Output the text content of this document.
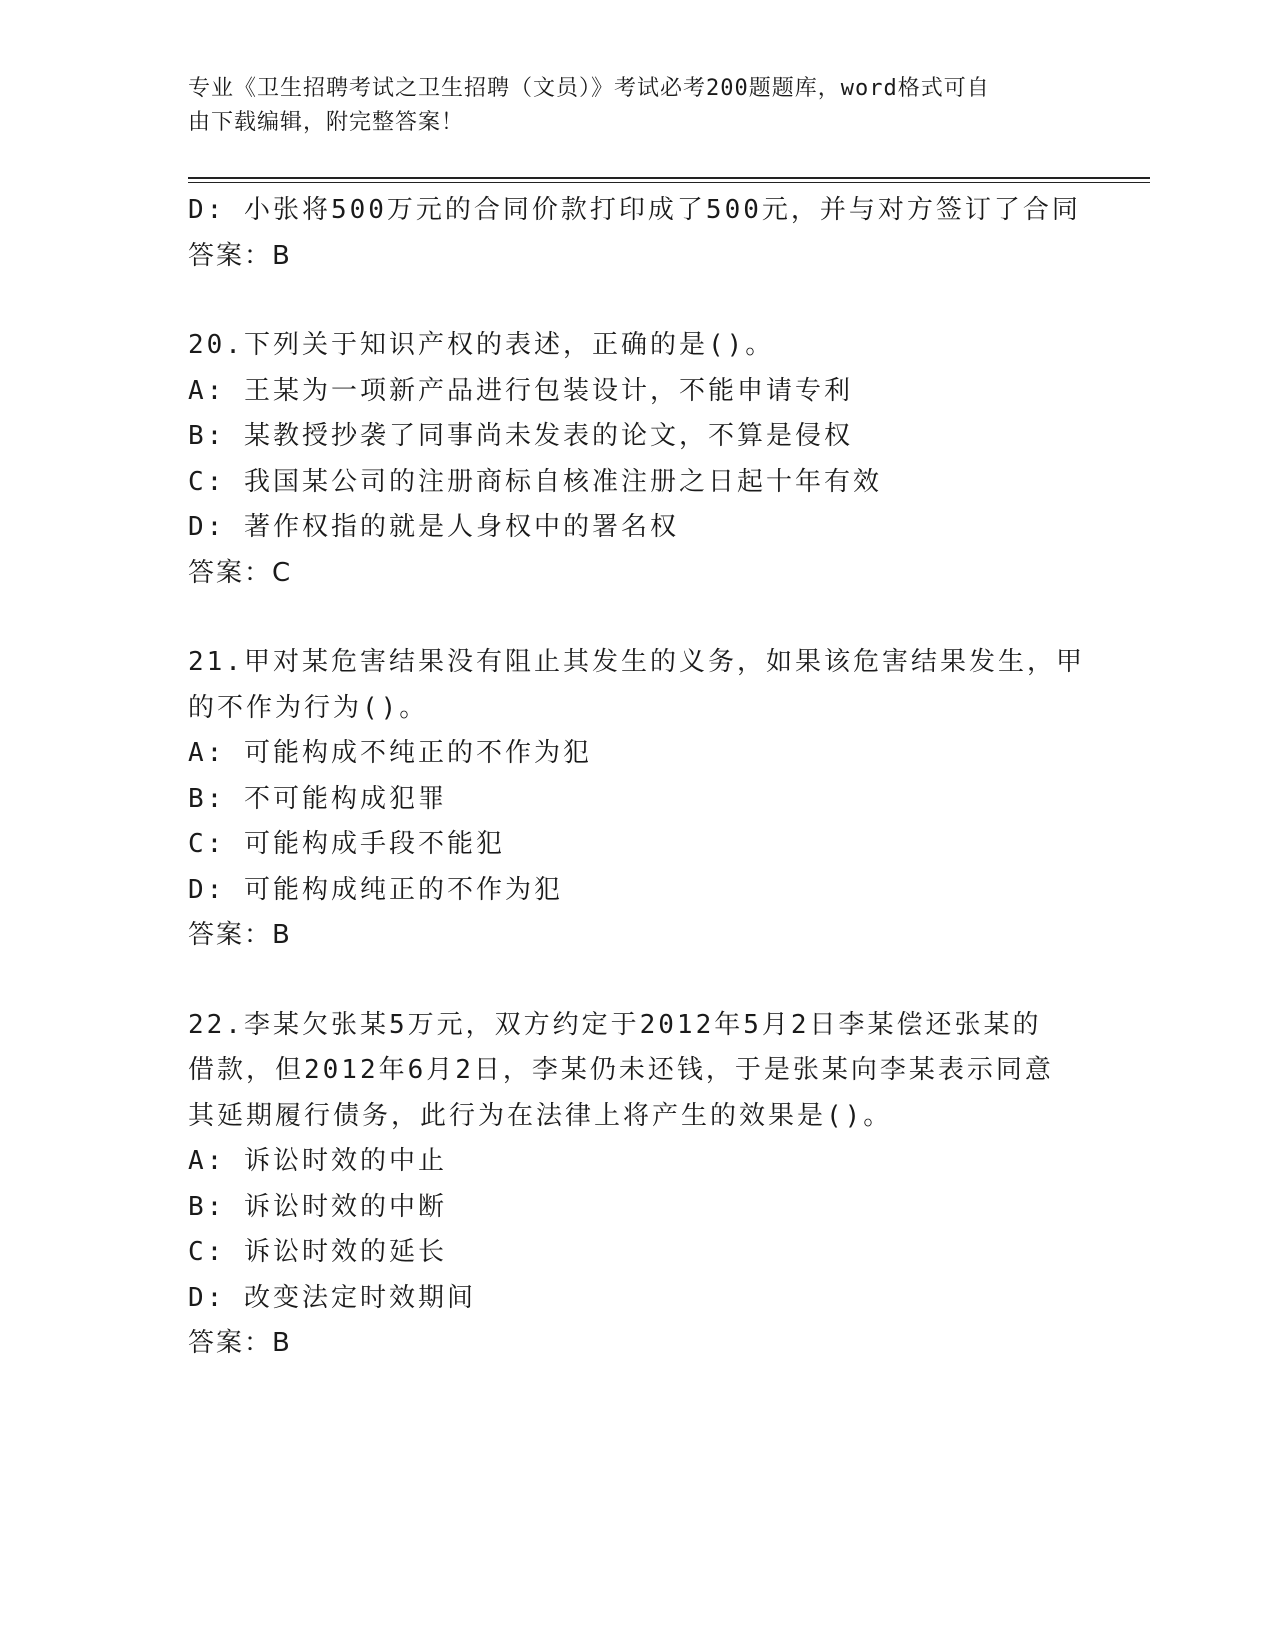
专业《卫生招聘考试之卫生招聘（文员）》考试必考200题题库，word格式可自
由下载编辑，附完整答案！
D: 小张将500万元的合同价款打印成了500元，并与对方签订了合同
答案：B
20.下列关于知识产权的表述，正确的是()。
A: 王某为一项新产品进行包装设计，不能申请专利
B: 某教授抄袭了同事尚未发表的论文，不算是侵权
C: 我国某公司的注册商标自核准注册之日起十年有效
D: 著作权指的就是人身权中的署名权
答案：C
21.甲对某危害结果没有阻止其发生的义务，如果该危害结果发生，甲
的不作为行为()。
A: 可能构成不纯正的不作为犯
B: 不可能构成犯罪
C: 可能构成手段不能犯
D: 可能构成纯正的不作为犯
答案：B
22.李某欠张某5万元，双方约定于2012年5月2日李某偿还张某的
借款，但2012年6月2日，李某仍未还钱，于是张某向李某表示同意
其延期履行债务，此行为在法律上将产生的效果是()。
A: 诉讼时效的中止
B: 诉讼时效的中断
C: 诉讼时效的延长
D: 改变法定时效期间
答案：B
